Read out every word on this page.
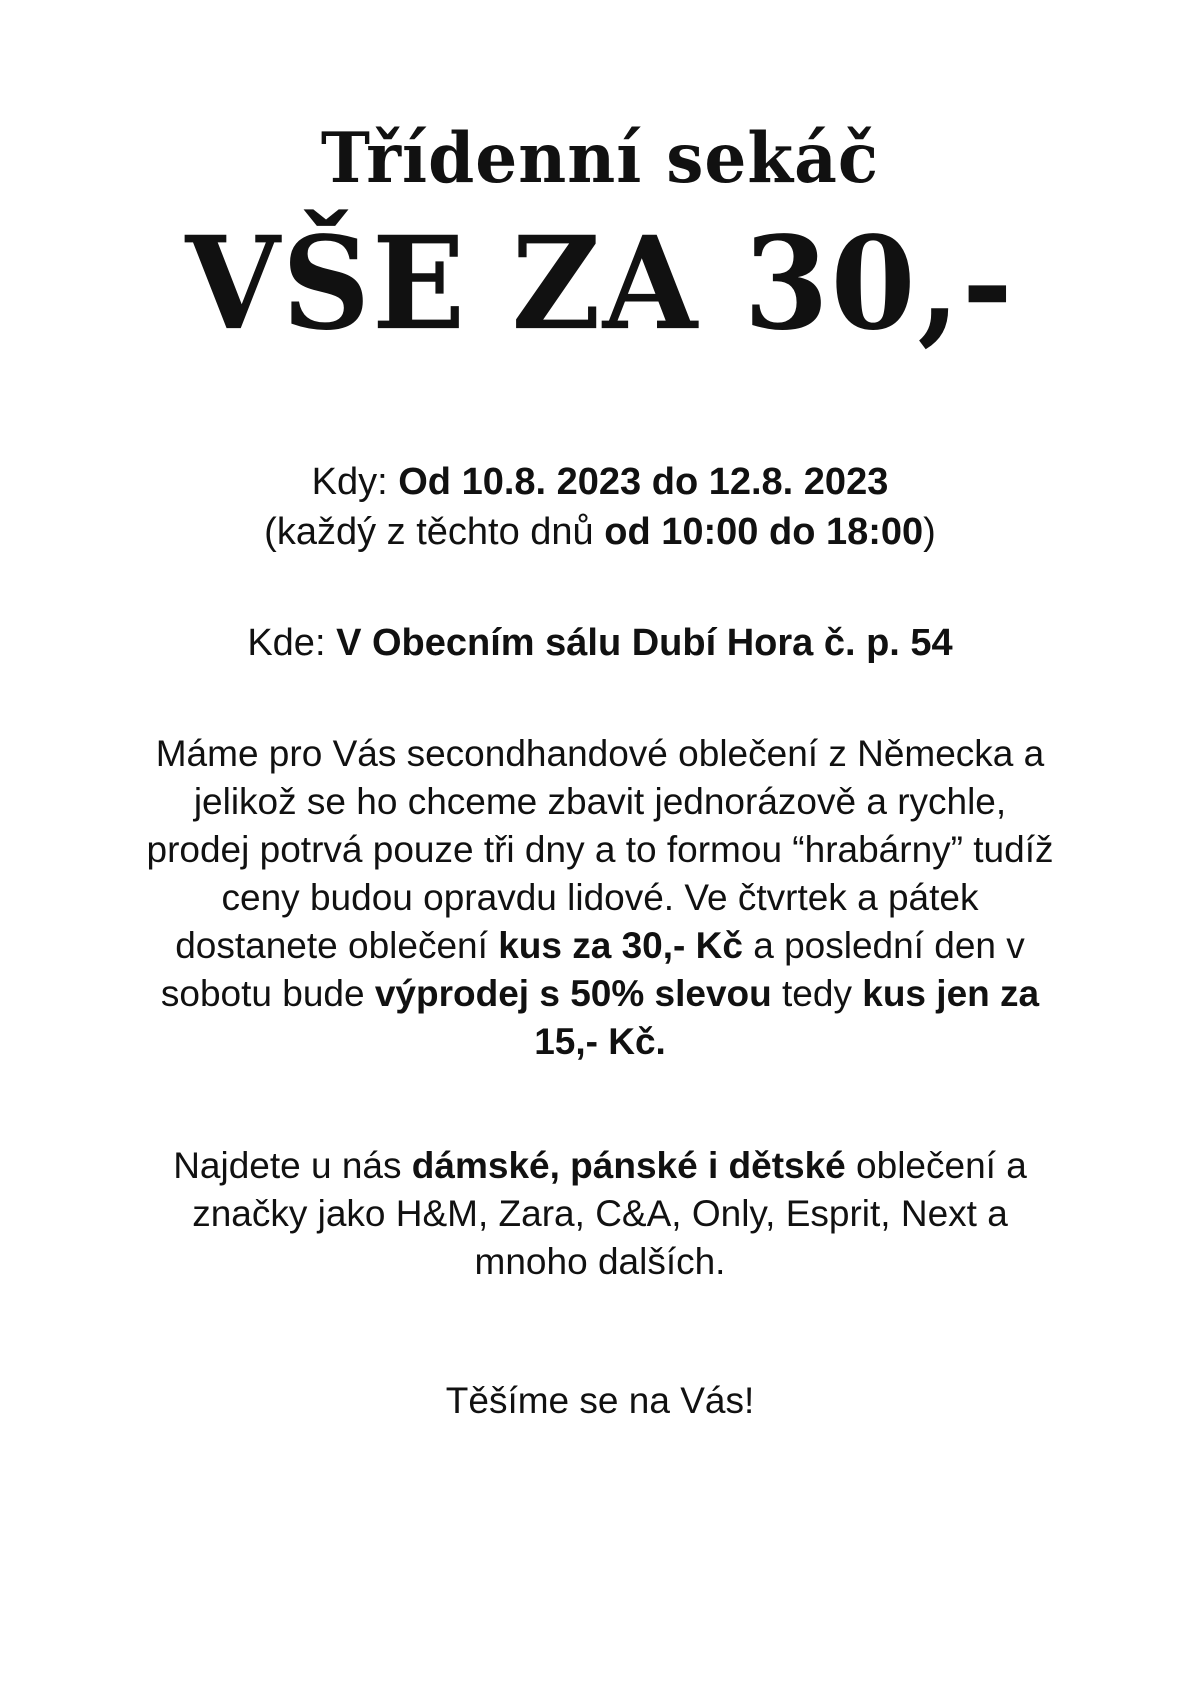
Třídenní sekáč
VŠE ZA 30,-
Kdy: Od 10.8. 2023 do 12.8. 2023
(každý z těchto dnů od 10:00 do 18:00)
Kde: V Obecním sálu Dubí Hora č. p. 54
Máme pro Vás secondhandové oblečení z Německa a jelikož se ho chceme zbavit jednorázově a rychle, prodej potrvá pouze tři dny a to formou “hrabárny” tudíž ceny budou opravdu lidové. Ve čtvrtek a pátek dostanete oblečení kus za 30,- Kč a poslední den v sobotu bude výprodej s 50% slevou tedy kus jen za 15,- Kč.
Najdete u nás dámské, pánské i dětské oblečení a značky jako H&M, Zara, C&A, Only, Esprit, Next a mnoho dalších.
Těšíme se na Vás!
